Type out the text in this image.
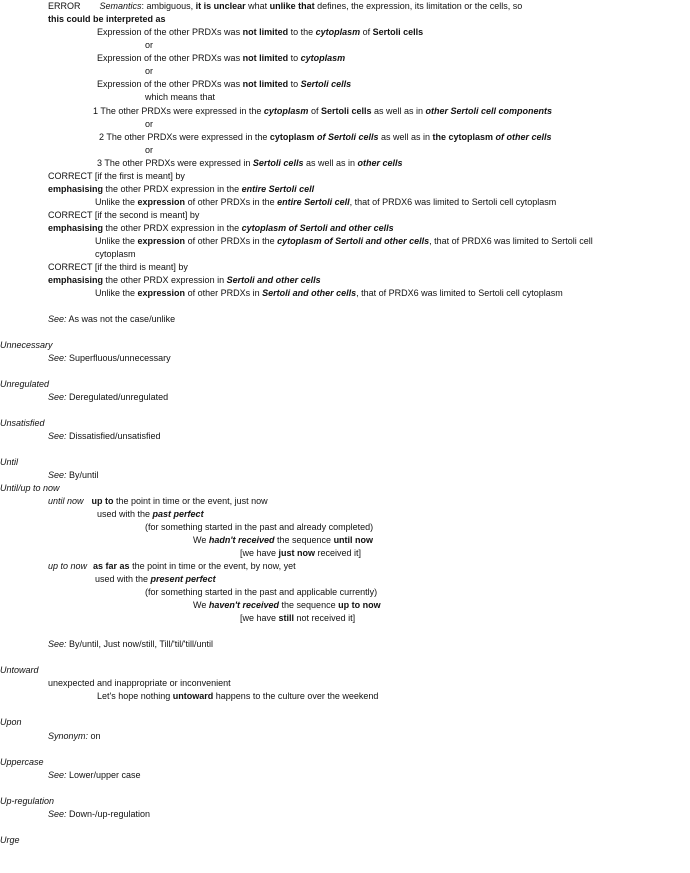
ERROR Semantics: ambiguous, it is unclear what unlike that defines, the expression, its limitation or the cells, so
this could be interpreted as
Expression of the other PRDXs was not limited to the cytoplasm of Sertoli cells
or
Expression of the other PRDXs was not limited to cytoplasm
or
Expression of the other PRDXs was not limited to Sertoli cells
which means that
1 The other PRDXs were expressed in the cytoplasm of Sertoli cells as well as in other Sertoli cell components
or
2 The other PRDXs were expressed in the cytoplasm of Sertoli cells as well as in the cytoplasm of other cells
or
3 The other PRDXs were expressed in Sertoli cells as well as in other cells
CORRECT [if the first is meant] by
emphasising the other PRDX expression in the entire Sertoli cell
Unlike the expression of other PRDXs in the entire Sertoli cell, that of PRDX6 was limited to Sertoli cell cytoplasm
CORRECT [if the second is meant] by
emphasising the other PRDX expression in the cytoplasm of Sertoli and other cells
Unlike the expression of other PRDXs in the cytoplasm of Sertoli and other cells, that of PRDX6 was limited to Sertoli cell
cytoplasm
CORRECT [if the third is meant] by
emphasising the other PRDX expression in Sertoli and other cells
Unlike the expression of other PRDXs in Sertoli and other cells, that of PRDX6 was limited to Sertoli cell cytoplasm
See: As was not the case/unlike
Unnecessary
See: Superfluous/unnecessary
Unregulated
See: Deregulated/unregulated
Unsatisfied
See: Dissatisfied/unsatisfied
Until
See: By/until
Until/up to now
until now up to the point in time or the event, just now
used with the past perfect
(for something started in the past and already completed)
We hadn't received the sequence until now
[we have just now received it]
up to now as far as the point in time or the event, by now, yet
used with the present perfect
(for something started in the past and applicable currently)
We haven't received the sequence up to now
[we have still not received it]
See: By/until, Just now/still, Till/'til/'till/until
Untoward
unexpected and inappropriate or inconvenient
Let's hope nothing untoward happens to the culture over the weekend
Upon
Synonym: on
Uppercase
See: Lower/upper case
Up-regulation
See: Down-/up-regulation
Urge
